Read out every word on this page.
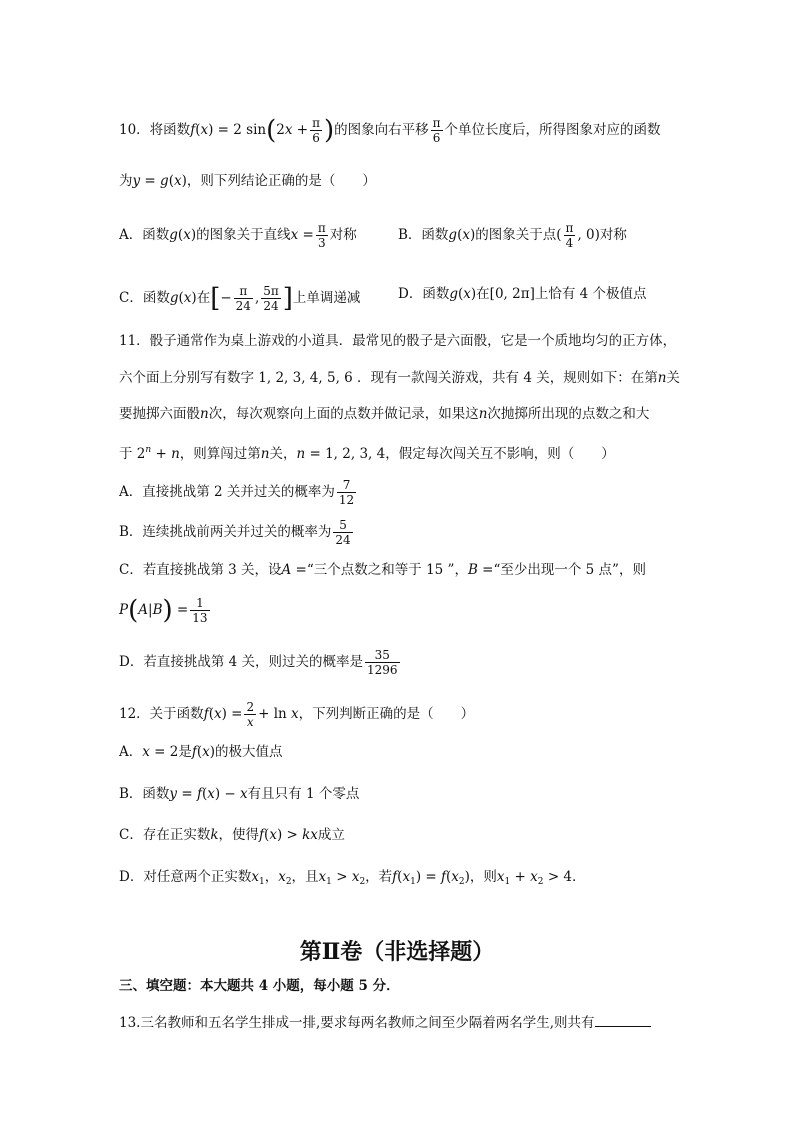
10．将函数f(x) = 2 $\sin(2x + \frac{\pi}{6}$ )的图象向右平移 $\frac{\pi}{6}$ 个单位长度后，所得图象对应的函数
为y = g(x)，则下列结论正确的是（　　）
A．函数g(x)的图象关于直线$x = \frac{\pi}{3}$ 对称	B．函数g(x)的图象关于点( $\frac{\pi}{4}$ , 0)对称
C．函数g(x)在[− $\frac{\pi}{24}$ , $\frac{5\pi}{24}$ ]上单调递减	D．函数g(x)在[0, 2π]上恰有 4 个极值点
11．骰子通常作为桌上游戏的小道具．最常见的骰子是六面骰，它是一个质地均匀的正方体，
六个面上分别写有数字 1, 2, 3, 4, 5, 6 ．现有一款闯关游戏，共有 4 关，规则如下：在第n关
要抛掷六面骰n次，每次观察向上面的点数并做记录，如果这n次抛掷所出现的点数之和大
于 $2^n + n$，则算闯过第n关，n = 1, 2, 3, 4，假定每次闯关互不影响，则（　　）
A．直接挑战第 2 关并过关的概率为 $\frac{7}{12}$
B．连续挑战前两关并过关的概率为 $\frac{5}{24}$
C．若直接挑战第 3 关，设A =“三个点数之和等于 15 ”，B =“至少出现一个 5 点”，则
$P(A|B) = \frac{1}{13}$
D．若直接挑战第 4 关，则过关的概率是 $\frac{35}{1296}$
12．关于函数$f(x) = \frac{2}{x} + \ln x$，下列判断正确的是（　　）
A．x = 2是f(x)的极大值点
B．函数y = f(x) − x有且只有 1 个零点
C．存在正实数k，使得f(x) > kx成立
D．对任意两个正实数$x_1$，$x_2$，且$x_1 > x_2$，若$f(x_1) = f(x_2)$，则$x_1 + x_2 > 4$．
第Ⅱ卷（非选择题）
三、填空题：本大题共 4 小题，每小题 5 分．
13.三名教师和五名学生排成一排,要求每两名教师之间至少隔着两名学生,则共有
